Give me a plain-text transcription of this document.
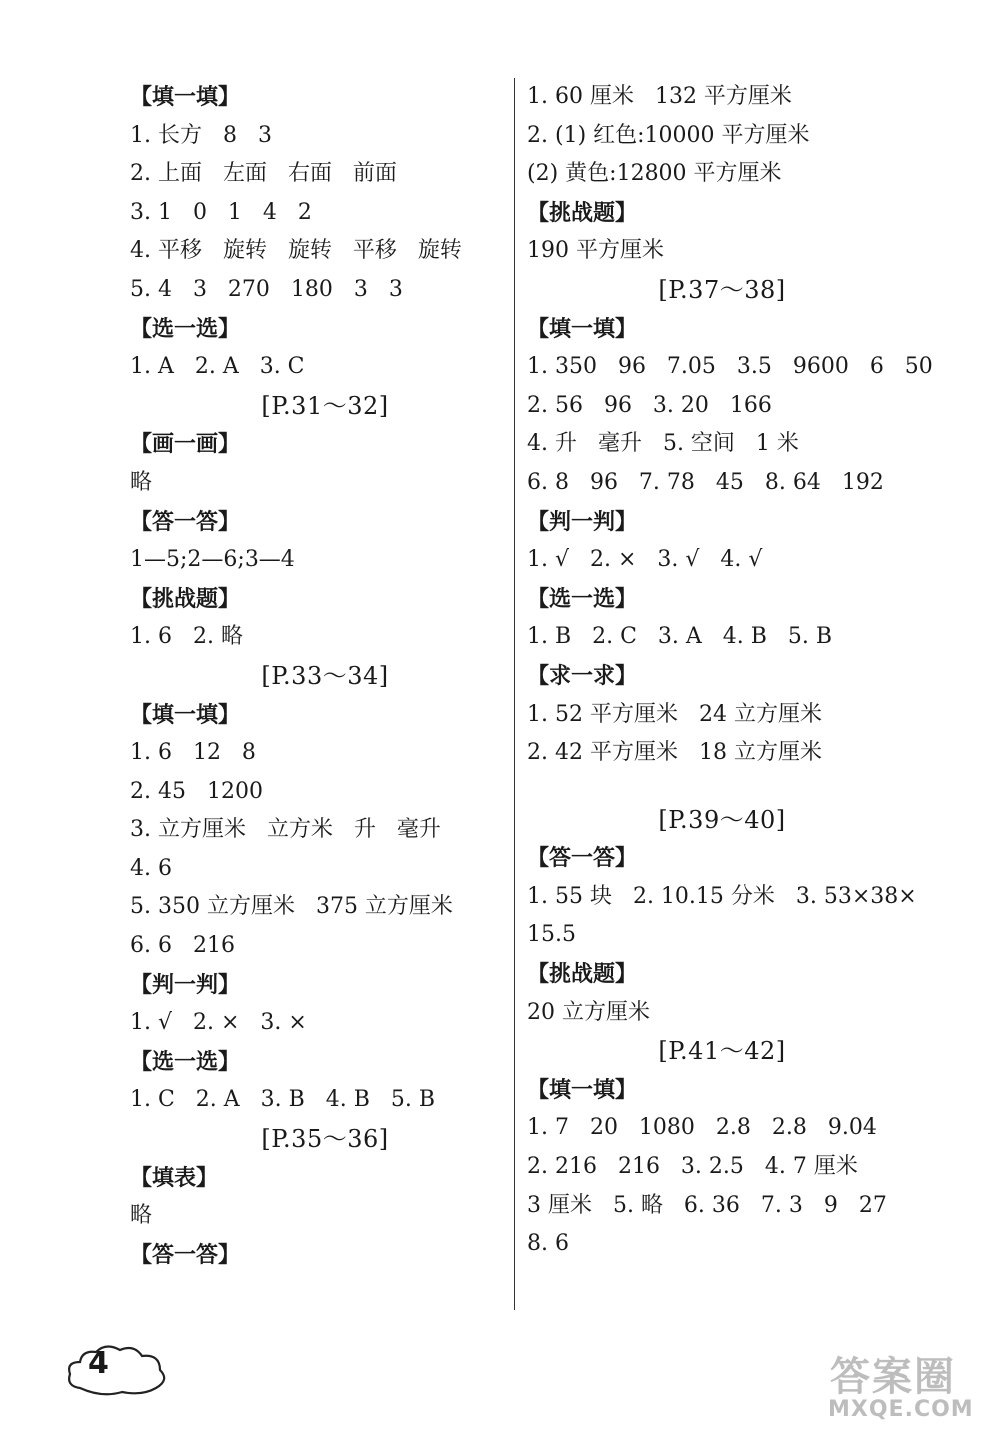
【填一填】
1. 长方   8   3
2. 上面   左面   右面   前面
3. 1   0   1   4   2
4. 平移   旋转   旋转   平移   旋转
5. 4   3   270   180   3   3
【选一选】
1. A   2. A   3. C
[P.31～32]
【画一画】
略
【答一答】
1—5;2—6;3—4
【挑战题】
1. 6   2. 略
[P.33～34]
【填一填】
1. 6   12   8
2. 45   1200
3. 立方厘米   立方米   升   毫升
4. 6
5. 350 立方厘米   375 立方厘米
6. 6   216
【判一判】
1. √   2. ×   3. ×
【选一选】
1. C   2. A   3. B   4. B   5. B
[P.35～36]
【填表】
略
【答一答】
1. 60 厘米   132 平方厘米
2. (1) 红色:10000 平方厘米
(2) 黄色:12800 平方厘米
【挑战题】
190 平方厘米
[P.37～38]
【填一填】
1. 350   96   7.05   3.5   9600   6   50
2. 56   96   3. 20   166
4. 升   毫升   5. 空间   1 米
6. 8   96   7. 78   45   8. 64   192
【判一判】
1. √   2. ×   3. √   4. √
【选一选】
1. B   2. C   3. A   4. B   5. B
【求一求】
1. 52 平方厘米   24 立方厘米
2. 42 平方厘米   18 立方厘米
[P.39～40]
【答一答】
1. 55 块   2. 10.15 分米   3. 53×38×
15.5
【挑战题】
20 立方厘米
[P.41～42]
【填一填】
1. 7   20   1080   2.8   2.8   9.04
2. 216   216   3. 2.5   4. 7 厘米
3 厘米   5. 略   6. 36   7. 3   9   27
8. 6
4	答案圈
MXQE.COM
